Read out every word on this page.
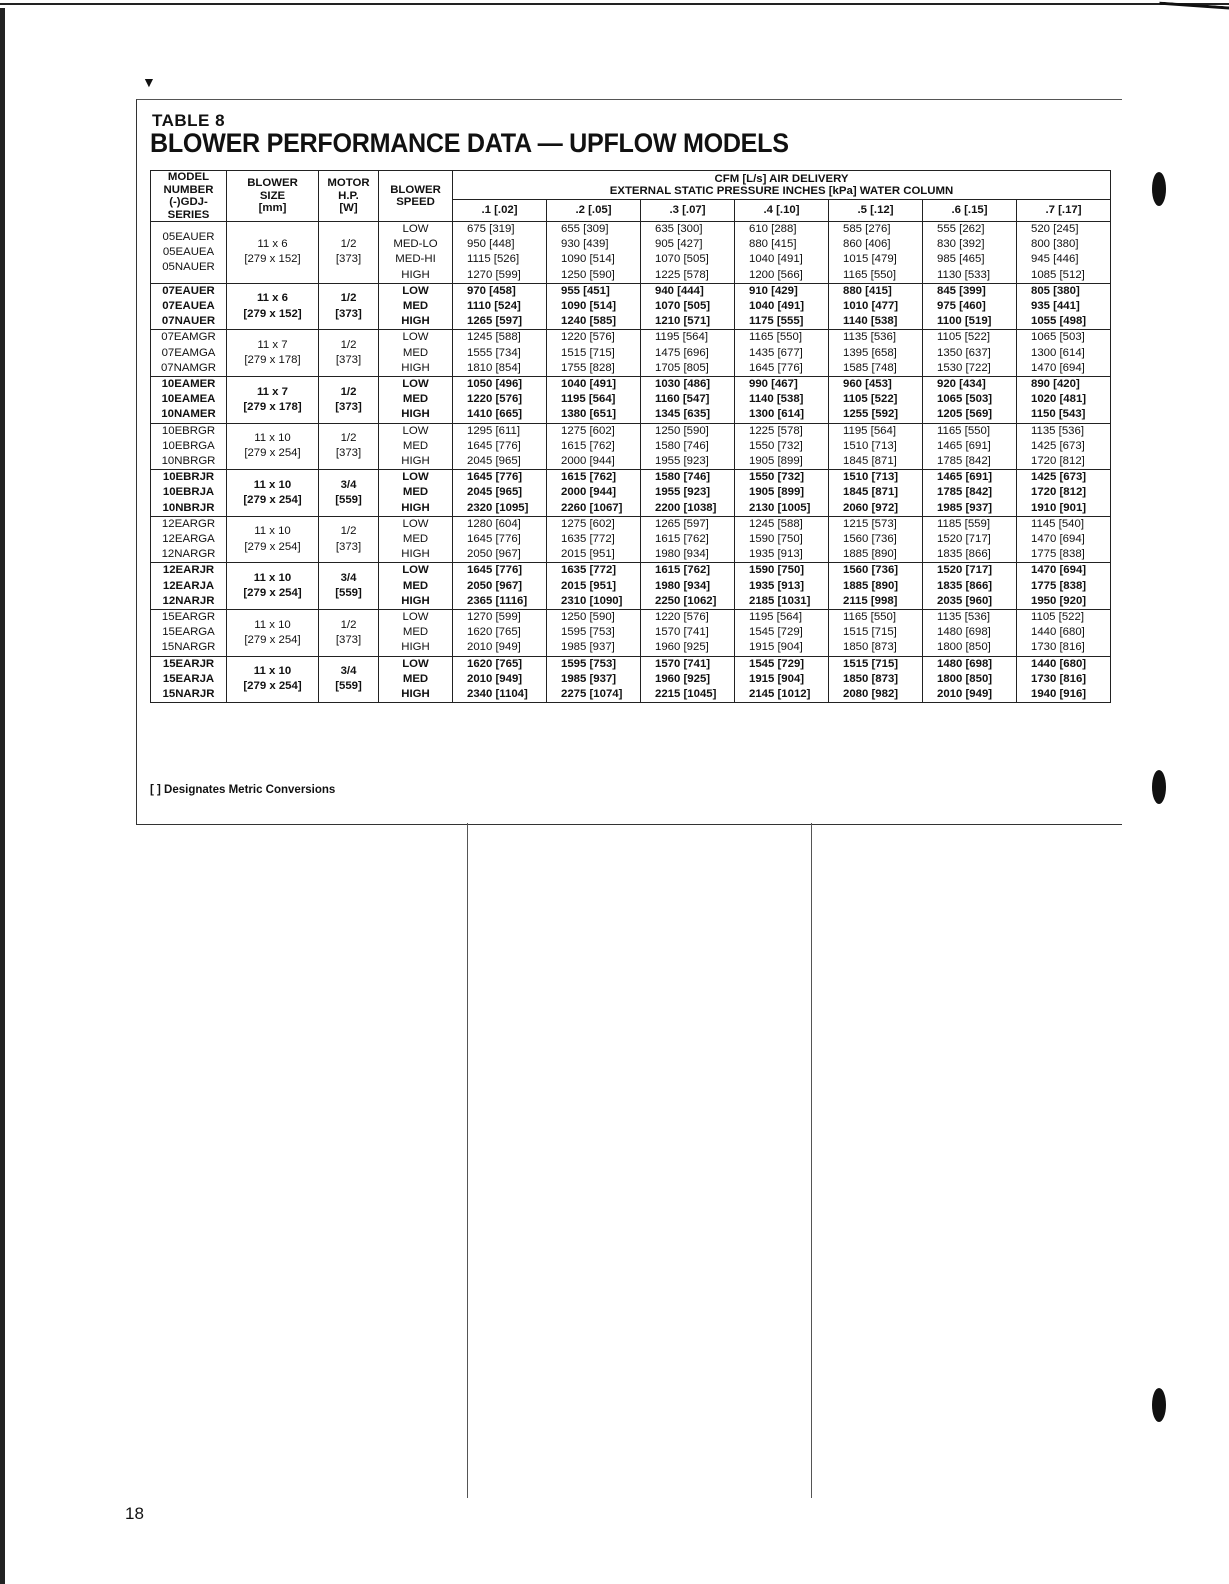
▼
TABLE 8
BLOWER PERFORMANCE DATA — UPFLOW MODELS
MODEL
NUMBER
(-)GDJ-
SERIES	BLOWER
SIZE
[mm]	MOTOR
H.P.
[W]	BLOWER
SPEED	CFM [L/s] AIR DELIVERY
EXTERNAL STATIC PRESSURE INCHES [kPa] WATER COLUMN						

				.1 [.02]	.2 [.05]	.3 [.07]	.4 [.10]	.5 [.12]	.6 [.15]	.7 [.17]

05EAUER
05EAUEA
05NAUER	11 x 6
[279 x 152]	1/2
[373]	LOW
MED-LO
MED-HI
HIGH	675 [319]
950 [448]
1115 [526]
1270 [599]	655 [309]
930 [439]
1090 [514]
1250 [590]	635 [300]
905 [427]
1070 [505]
1225 [578]	610 [288]
880 [415]
1040 [491]
1200 [566]	585 [276]
860 [406]
1015 [479]
1165 [550]	555 [262]
830 [392]
985 [465]
1130 [533]	520 [245]
800 [380]
945 [446]
1085 [512]

07EAUER
07EAUEA
07NAUER	11 x 6
[279 x 152]	1/2
[373]	LOW
MED
HIGH	970 [458]
1110 [524]
1265 [597]	955 [451]
1090 [514]
1240 [585]	940 [444]
1070 [505]
1210 [571]	910 [429]
1040 [491]
1175 [555]	880 [415]
1010 [477]
1140 [538]	845 [399]
975 [460]
1100 [519]	805 [380]
935 [441]
1055 [498]

07EAMGR
07EAMGA
07NAMGR	11 x 7
[279 x 178]	1/2
[373]	LOW
MED
HIGH	1245 [588]
1555 [734]
1810 [854]	1220 [576]
1515 [715]
1755 [828]	1195 [564]
1475 [696]
1705 [805]	1165 [550]
1435 [677]
1645 [776]	1135 [536]
1395 [658]
1585 [748]	1105 [522]
1350 [637]
1530 [722]	1065 [503]
1300 [614]
1470 [694]

10EAMER
10EAMEA
10NAMER	11 x 7
[279 x 178]	1/2
[373]	LOW
MED
HIGH	1050 [496]
1220 [576]
1410 [665]	1040 [491]
1195 [564]
1380 [651]	1030 [486]
1160 [547]
1345 [635]	990 [467]
1140 [538]
1300 [614]	960 [453]
1105 [522]
1255 [592]	920 [434]
1065 [503]
1205 [569]	890 [420]
1020 [481]
1150 [543]

10EBRGR
10EBRGA
10NBRGR	11 x 10
[279 x 254]	1/2
[373]	LOW
MED
HIGH	1295 [611]
1645 [776]
2045 [965]	1275 [602]
1615 [762]
2000 [944]	1250 [590]
1580 [746]
1955 [923]	1225 [578]
1550 [732]
1905 [899]	1195 [564]
1510 [713]
1845 [871]	1165 [550]
1465 [691]
1785 [842]	1135 [536]
1425 [673]
1720 [812]

10EBRJR
10EBRJA
10NBRJR	11 x 10
[279 x 254]	3/4
[559]	LOW
MED
HIGH	1645 [776]
2045 [965]
2320 [1095]	1615 [762]
2000 [944]
2260 [1067]	1580 [746]
1955 [923]
2200 [1038]	1550 [732]
1905 [899]
2130 [1005]	1510 [713]
1845 [871]
2060 [972]	1465 [691]
1785 [842]
1985 [937]	1425 [673]
1720 [812]
1910 [901]

12EARGR
12EARGA
12NARGR	11 x 10
[279 x 254]	1/2
[373]	LOW
MED
HIGH	1280 [604]
1645 [776]
2050 [967]	1275 [602]
1635 [772]
2015 [951]	1265 [597]
1615 [762]
1980 [934]	1245 [588]
1590 [750]
1935 [913]	1215 [573]
1560 [736]
1885 [890]	1185 [559]
1520 [717]
1835 [866]	1145 [540]
1470 [694]
1775 [838]

12EARJR
12EARJA
12NARJR	11 x 10
[279 x 254]	3/4
[559]	LOW
MED
HIGH	1645 [776]
2050 [967]
2365 [1116]	1635 [772]
2015 [951]
2310 [1090]	1615 [762]
1980 [934]
2250 [1062]	1590 [750]
1935 [913]
2185 [1031]	1560 [736]
1885 [890]
2115 [998]	1520 [717]
1835 [866]
2035 [960]	1470 [694]
1775 [838]
1950 [920]

15EARGR
15EARGA
15NARGR	11 x 10
[279 x 254]	1/2
[373]	LOW
MED
HIGH	1270 [599]
1620 [765]
2010 [949]	1250 [590]
1595 [753]
1985 [937]	1220 [576]
1570 [741]
1960 [925]	1195 [564]
1545 [729]
1915 [904]	1165 [550]
1515 [715]
1850 [873]	1135 [536]
1480 [698]
1800 [850]	1105 [522]
1440 [680]
1730 [816]

15EARJR
15EARJA
15NARJR	11 x 10
[279 x 254]	3/4
[559]	LOW
MED
HIGH	1620 [765]
2010 [949]
2340 [1104]	1595 [753]
1985 [937]
2275 [1074]	1570 [741]
1960 [925]
2215 [1045]	1545 [729]
1915 [904]
2145 [1012]	1515 [715]
1850 [873]
2080 [982]	1480 [698]
1800 [850]
2010 [949]	1440 [680]
1730 [816]
1940 [916]
[ ] Designates Metric Conversions
18
